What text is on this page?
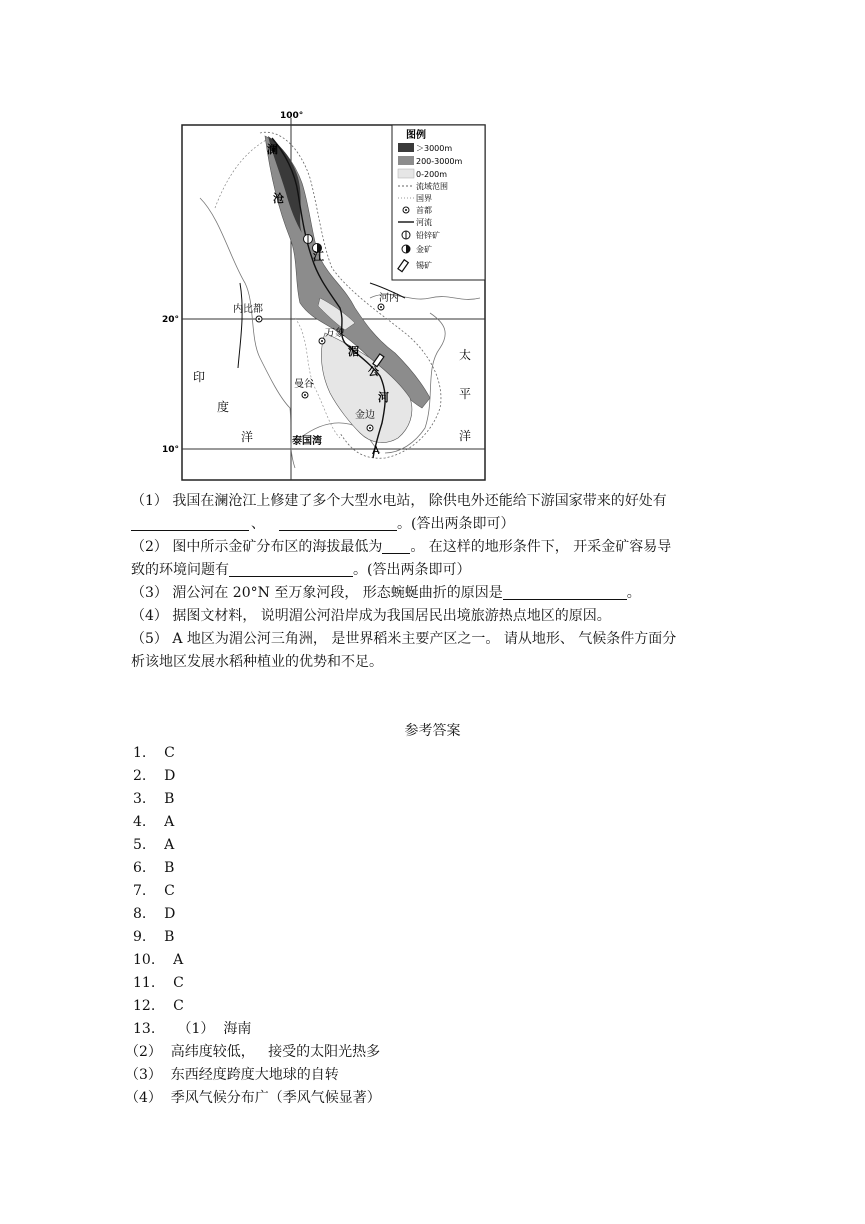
100°
20°
10°
澜
沧
江
湄
公
河
内比都
万象
河内
曼谷
金边
泰国湾
A
印
度
洋
太
平
洋
图例
＞3000m
200-3000m
0-200m
流域范围
国界
首都
河流
铅锌矿
金矿
锡矿

（1） 我国在澜沧江上修建了多个大型水电站， 除供电外还能给下游国家带来的好处有

、	。(答出两条即可）

（2） 图中所示金矿分布区的海拔最低为 。 在这样的地形条件下， 开采金矿容易导

致的环境问题有	。(答出两条即可）

（3） 湄公河在 20°N 至万象河段， 形态蜿蜒曲折的原因是	。

（4） 据图文材料， 说明湄公河沿岸成为我国居民出境旅游热点地区的原因。

（5） A 地区为湄公河三角洲， 是世界稻米主要产区之一。 请从地形、 气候条件方面分

析该地区发展水稻种植业的优势和不足。

参考答案
1.    C
2.    D
3.    B
4.    A
5.    A
6.    B
7.    C
8.    D
9.    B
10.    A
11.    C
12.    C
13.     （1）  海南
（2）  高纬度较低，   接受的太阳光热多
（3）  东西经度跨度大地球的自转
（4）  季风气候分布广（季风气候显著）
